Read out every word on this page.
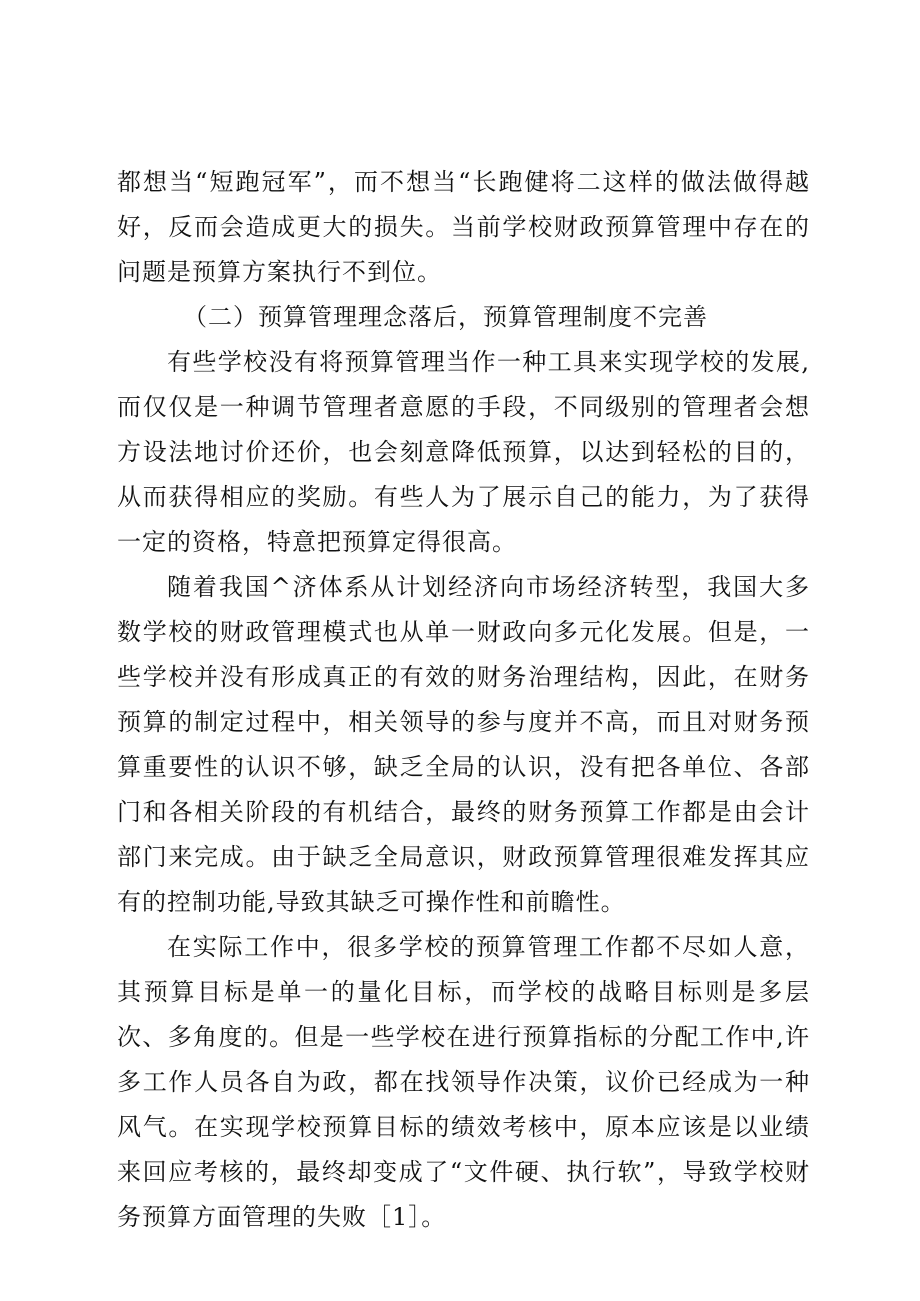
都想当“短跑冠军”，而不想当“长跑健将二这样的做法做得越好，反而会造成更大的损失。当前学校财政预算管理中存在的问题是预算方案执行不到位。

（二）预算管理理念落后，预算管理制度不完善

有些学校没有将预算管理当作一种工具来实现学校的发展,而仅仅是一种调节管理者意愿的手段，不同级别的管理者会想方设法地讨价还价，也会刻意降低预算，以达到轻松的目的，从而获得相应的奖励。有些人为了展示自己的能力，为了获得一定的资格，特意把预算定得很高。

随着我国^济体系从计划经济向市场经济转型，我国大多数学校的财政管理模式也从单一财政向多元化发展。但是，一些学校并没有形成真正的有效的财务治理结构，因此，在财务预算的制定过程中，相关领导的参与度并不高，而且对财务预算重要性的认识不够，缺乏全局的认识，没有把各单位、各部门和各相关阶段的有机结合，最终的财务预算工作都是由会计部门来完成。由于缺乏全局意识，财政预算管理很难发挥其应有的控制功能,导致其缺乏可操作性和前瞻性。

在实际工作中，很多学校的预算管理工作都不尽如人意，其预算目标是单一的量化目标，而学校的战略目标则是多层次、多角度的。但是一些学校在进行预算指标的分配工作中,许多工作人员各自为政，都在找领导作决策，议价已经成为一种风气。在实现学校预算目标的绩效考核中，原本应该是以业绩来回应考核的，最终却变成了“文件硬、执行软”，导致学校财务预算方面管理的失败［1］。
